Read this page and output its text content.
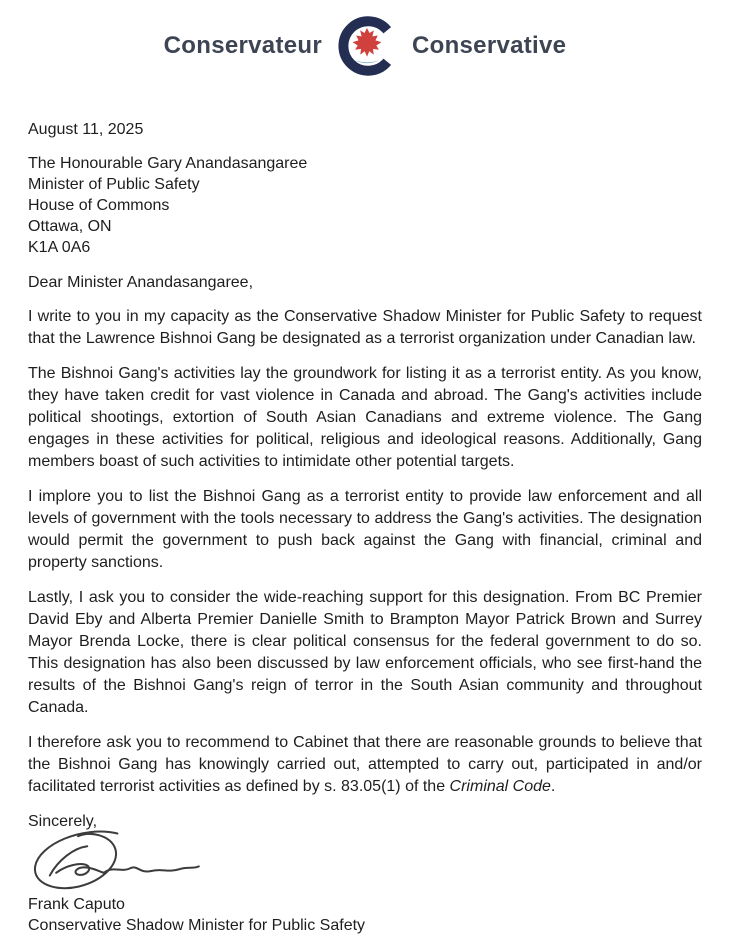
Conservateur	Conservative

August 11, 2025

The Honourable Gary Anandasangaree
Minister of Public Safety
House of Commons
Ottawa, ON
K1A 0A6

Dear Minister Anandasangaree,

I write to you in my capacity as the Conservative Shadow Minister for Public Safety to request that the Lawrence Bishnoi Gang be designated as a terrorist organization under Canadian law.

The Bishnoi Gang's activities lay the groundwork for listing it as a terrorist entity. As you know, they have taken credit for vast violence in Canada and abroad. The Gang's activities include political shootings, extortion of South Asian Canadians and extreme violence. The Gang engages in these activities for political, religious and ideological reasons. Additionally, Gang members boast of such activities to intimidate other potential targets.

I implore you to list the Bishnoi Gang as a terrorist entity to provide law enforcement and all levels of government with the tools necessary to address the Gang's activities. The designation would permit the government to push back against the Gang with financial, criminal and property sanctions.

Lastly, I ask you to consider the wide-reaching support for this designation. From BC Premier David Eby and Alberta Premier Danielle Smith to Brampton Mayor Patrick Brown and Surrey Mayor Brenda Locke, there is clear political consensus for the federal government to do so. This designation has also been discussed by law enforcement officials, who see first-hand the results of the Bishnoi Gang's reign of terror in the South Asian community and throughout Canada.

I therefore ask you to recommend to Cabinet that there are reasonable grounds to believe that the Bishnoi Gang has knowingly carried out, attempted to carry out, participated in and/or facilitated terrorist activities as defined by s. 83.05(1) of the Criminal Code.

Sincerely,

Frank Caputo

Conservative Shadow Minister for Public Safety
